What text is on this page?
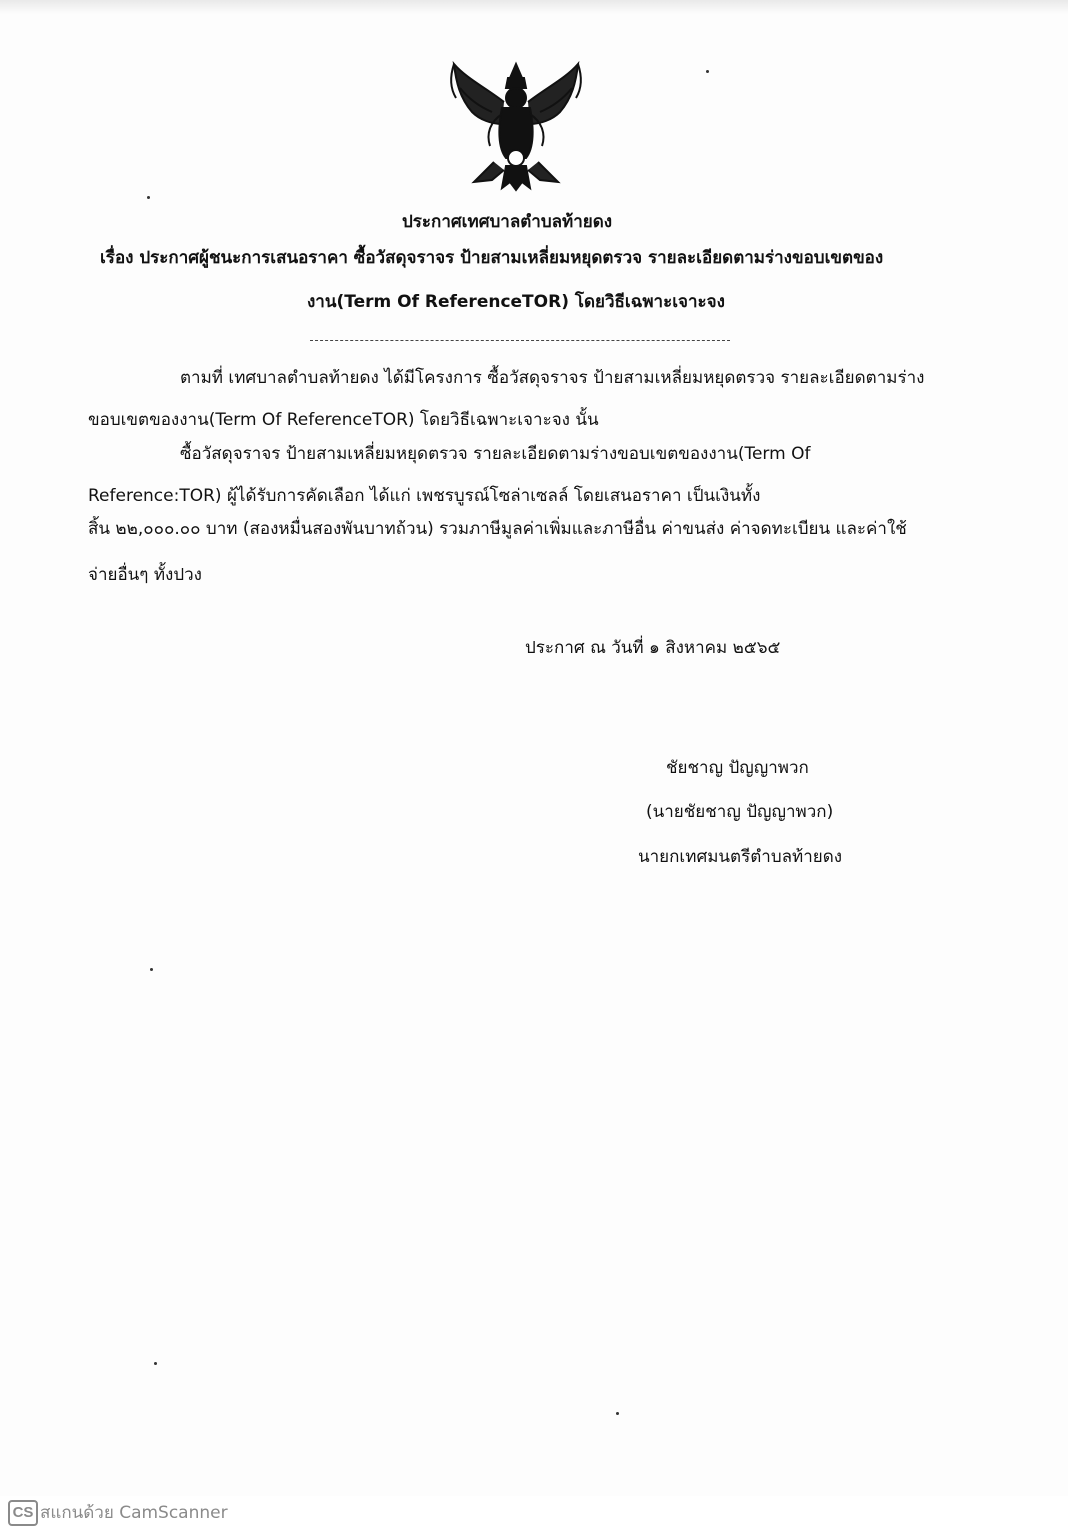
ประกาศเทศบาลตำบลท้ายดง
เรื่อง ประกาศผู้ชนะการเสนอราคา ซื้อวัสดุจราจร ป้ายสามเหลี่ยมหยุดตรวจ รายละเอียดตามร่างขอบเขตของ
งาน(Term Of ReferenceTOR) โดยวิธีเฉพาะเจาะจง
ตามที่ เทศบาลตำบลท้ายดง ได้มีโครงการ ซื้อวัสดุจราจร ป้ายสามเหลี่ยมหยุดตรวจ รายละเอียดตามร่าง
ขอบเขตของงาน(Term Of ReferenceTOR) โดยวิธีเฉพาะเจาะจง นั้น
ซื้อวัสดุจราจร ป้ายสามเหลี่ยมหยุดตรวจ รายละเอียดตามร่างขอบเขตของงาน(Term Of
Reference:TOR) ผู้ได้รับการคัดเลือก ได้แก่ เพชรบูรณ์โซล่าเซลล์ โดยเสนอราคา เป็นเงินทั้ง
สิ้น ๒๒,๐๐๐.๐๐ บาท (สองหมื่นสองพันบาทถ้วน) รวมภาษีมูลค่าเพิ่มและภาษีอื่น ค่าขนส่ง ค่าจดทะเบียน และค่าใช้
จ่ายอื่นๆ ทั้งปวง
ประกาศ ณ วันที่ ๑ สิงหาคม ๒๕๖๕
ชัยชาญ ปัญญาพวก
(นายชัยชาญ ปัญญาพวก)
นายกเทศมนตรีตำบลท้ายดง
CS สแกนด้วย CamScanner
